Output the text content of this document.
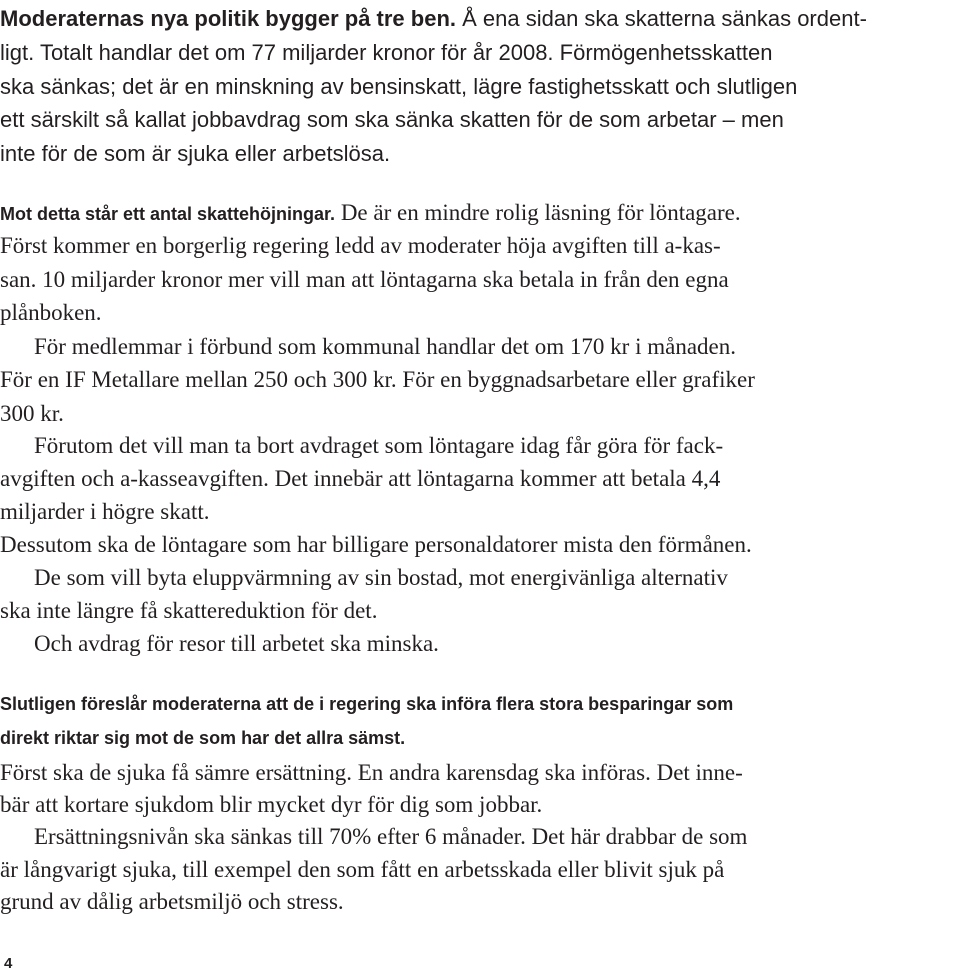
Moderaternas nya politik bygger på tre ben. Å ena sidan ska skatterna sänkas ordent-
ligt. Totalt handlar det om 77 miljarder kronor för år 2008. Förmögenhetsskatten
ska sänkas; det är en minskning av bensinskatt, lägre fastighetsskatt och slutligen
ett särskilt så kallat jobbavdrag som ska sänka skatten för de som arbetar – men
inte för de som är sjuka eller arbetslösa.
Mot detta står ett antal skattehöjningar. De är en mindre rolig läsning för löntagare.
Först kommer en borgerlig regering ledd av moderater höja avgiften till a-kas-
san. 10 miljarder kronor mer vill man att löntagarna ska betala in från den egna
plånboken.
För medlemmar i förbund som kommunal handlar det om 170 kr i månaden.
För en IF Metallare mellan 250 och 300 kr. För en byggnadsarbetare eller grafiker
300 kr.
Förutom det vill man ta bort avdraget som löntagare idag får göra för fack-
avgiften och a-kasseavgiften. Det innebär att löntagarna kommer att betala 4,4
miljarder i högre skatt.
Dessutom ska de löntagare som har billigare personaldatorer mista den förmånen.
De som vill byta eluppvärmning av sin bostad, mot energivänliga alternativ
ska inte längre få skattereduktion för det.
Och avdrag för resor till arbetet ska minska.
Slutligen föreslår moderaterna att de i regering ska införa flera stora besparingar som
direkt riktar sig mot de som har det allra sämst.
Först ska de sjuka få sämre ersättning. En andra karensdag ska införas. Det inne-
bär att kortare sjukdom blir mycket dyr för dig som jobbar.
Ersättningsnivån ska sänkas till 70% efter 6 månader. Det här drabbar de som
är långvarigt sjuka, till exempel den som fått en arbetsskada eller blivit sjuk på
grund av dålig arbetsmiljö och stress.
4
